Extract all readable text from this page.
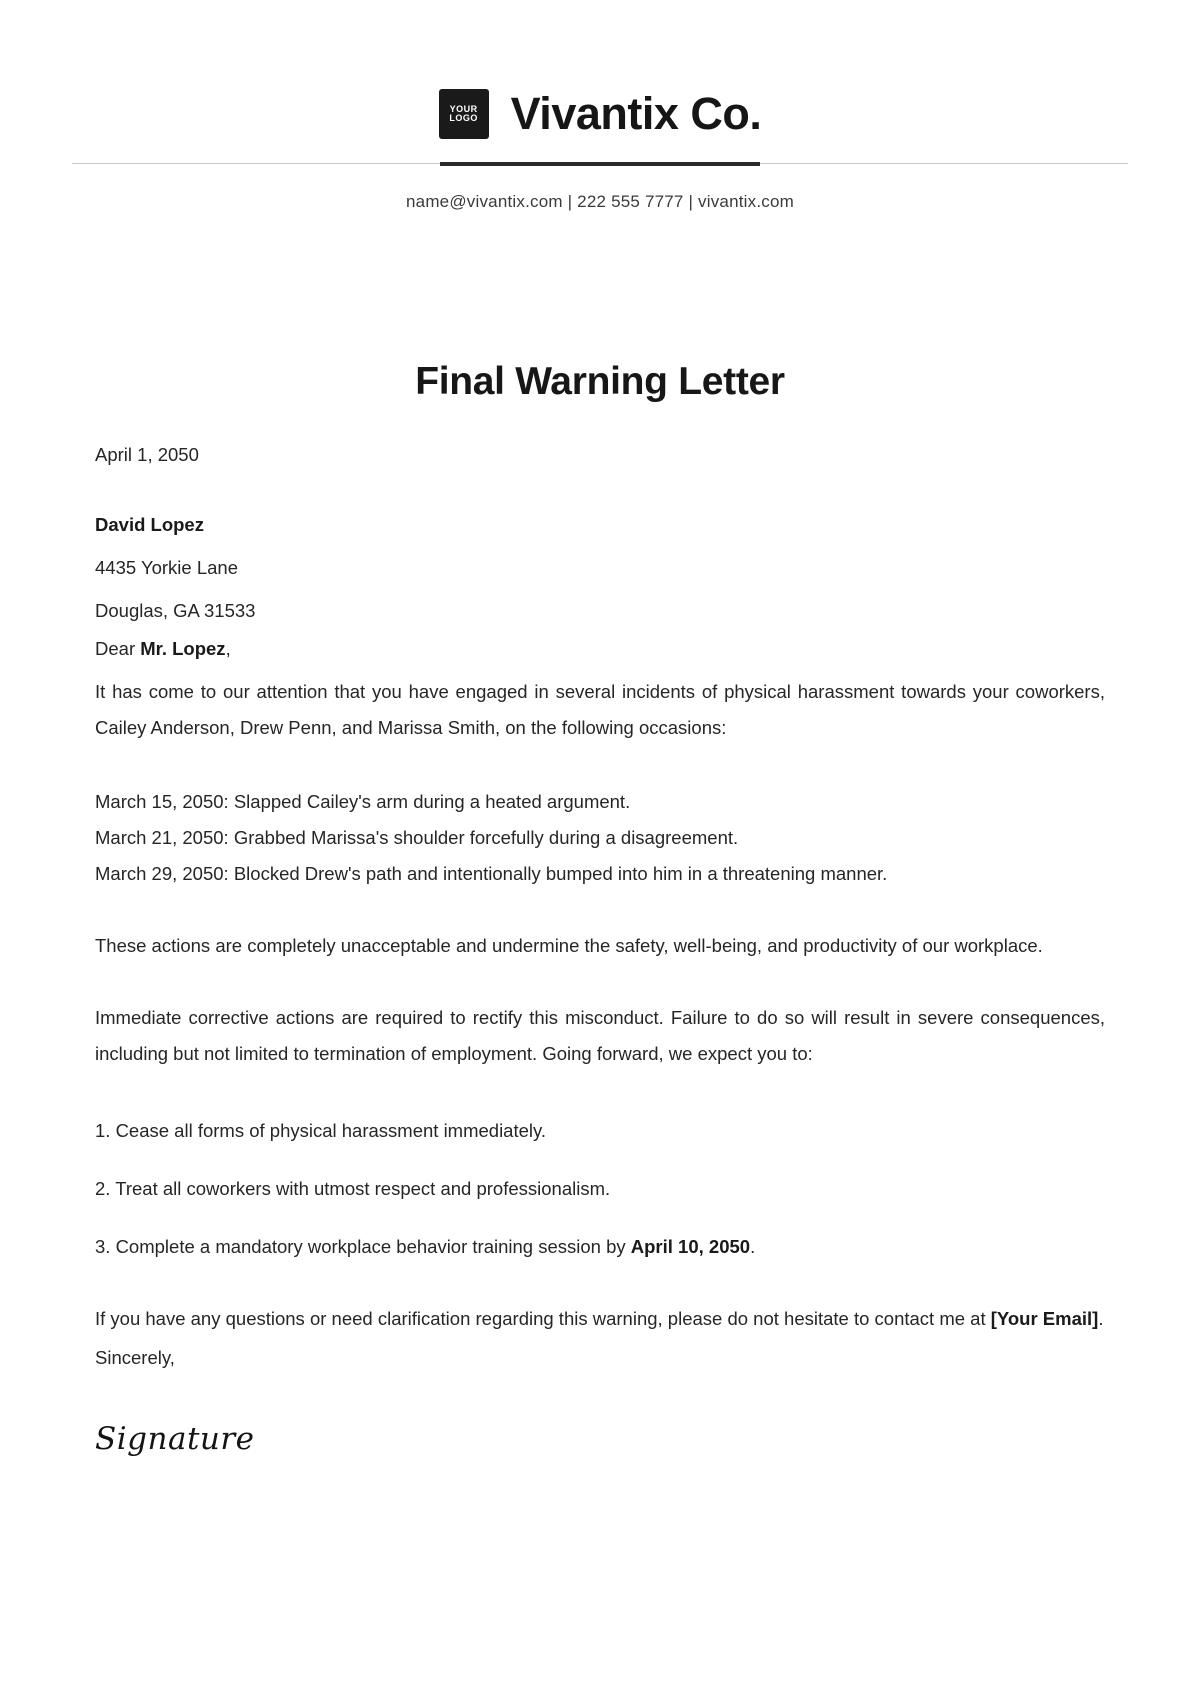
YOUR
LOGO Vivantix Co.
name@vivantix.com | 222 555 7777 | vivantix.com
Final Warning Letter
April 1, 2050
David Lopez
4435 Yorkie Lane
Douglas, GA 31533
Dear Mr. Lopez,

It has come to our attention that you have engaged in several incidents of physical harassment towards your coworkers, Cailey Anderson, Drew Penn, and Marissa Smith, on the following occasions:

March 15, 2050: Slapped Cailey's arm during a heated argument.

March 21, 2050: Grabbed Marissa's shoulder forcefully during a disagreement.

March 29, 2050: Blocked Drew's path and intentionally bumped into him in a threatening manner.

These actions are completely unacceptable and undermine the safety, well-being, and productivity of our workplace.

Immediate corrective actions are required to rectify this misconduct. Failure to do so will result in severe consequences, including but not limited to termination of employment. Going forward, we expect you to:

1. Cease all forms of physical harassment immediately.
2. Treat all coworkers with utmost respect and professionalism.
3. Complete a mandatory workplace behavior training session by April 10, 2050.

If you have any questions or need clarification regarding this warning, please do not hesitate to contact me at [Your Email].

Sincerely,
Signature
